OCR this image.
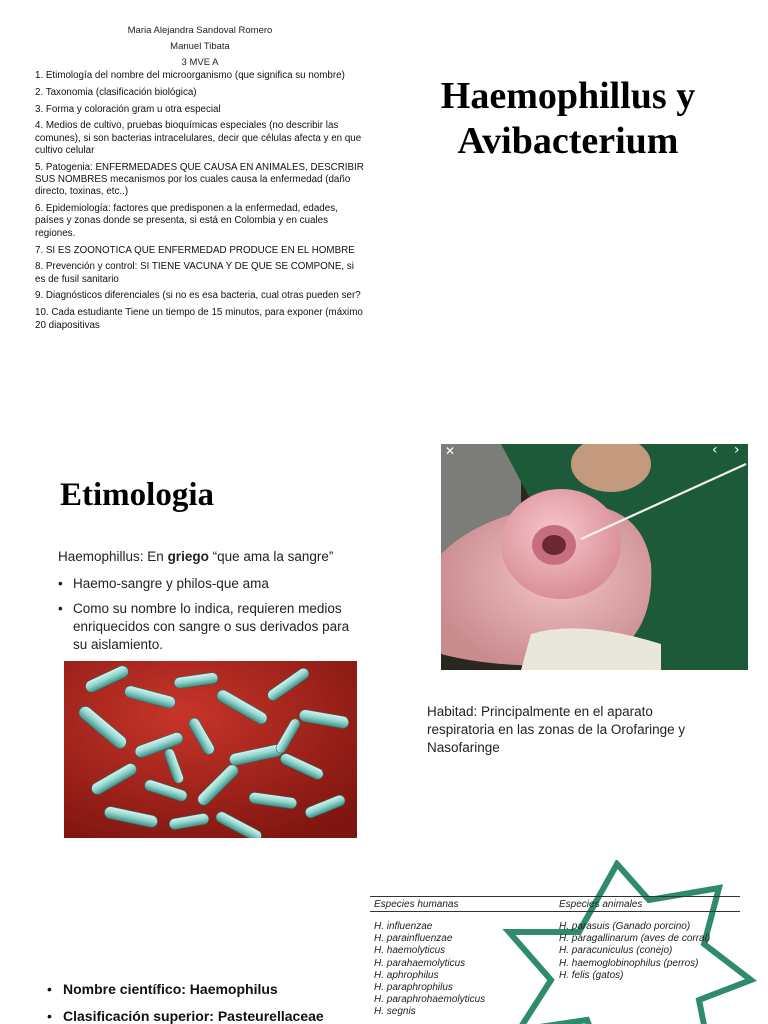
Maria Alejandra Sandoval Romero
Manuel Tibata
3 MVE A
1. Etimología del nombre del microorganismo (que significa su nombre)
2. Taxonomia (clasificación biológica)
3. Forma y coloración gram u otra especial
4. Medios de cultivo, pruebas bioquímicas especiales (no describir las comunes), si son bacterias intracelulares, decir que células afecta y en que cultivo celular
5. Patogenia: ENFERMEDADES QUE CAUSA EN ANIMALES, DESCRIBIR SUS NOMBRES mecanismos por los cuales causa la enfermedad (daño directo, toxinas, etc..)
6. Epidemiología: factores que predisponen a la enfermedad, edades, países y zonas donde se presenta, si está en Colombia y en cuales regiones.
7. SI ES ZOONOTICA QUE ENFERMEDAD PRODUCE EN EL HOMBRE
8. Prevención y control: SI TIENE VACUNA Y DE QUE SE COMPONE, si es de fusil sanitario
9. Diagnósticos diferenciales (si no es esa bacteria, cual otras pueden ser?
10. Cada estudiante Tiene un tiempo de 15 minutos, para exponer (máximo 20 diapositivas
Haemophillus y Avibacterium
Etimologia
Haemophillus: En griego “que ama la sangre”
• Haemo-sangre y philos-que ama
• Como su nombre lo indica, requieren medios enriquecidos con sangre o sus derivados para su aislamiento.
✕	‹ ›
Habitad: Principalmente en el aparato respiratoria en las zonas de la Orofaringe y Nasofaringe
Especies humanas	Especies animales
H. influenzae
H. parainfluenzae
H. haemolyticus
H. parahaemolyticus
H. aphrophilus
H. paraphrophilus
H. paraphrohaemolyticus
H. segnis
H. parasuis (Ganado porcino)
H. paragallinarum (aves de corral)
H. paracuniculus (conejo)
H. haemoglobinophilus (perros)
H. felis (gatos)
• Nombre científico: Haemophilus
• Clasificación superior: Pasteurellaceae
